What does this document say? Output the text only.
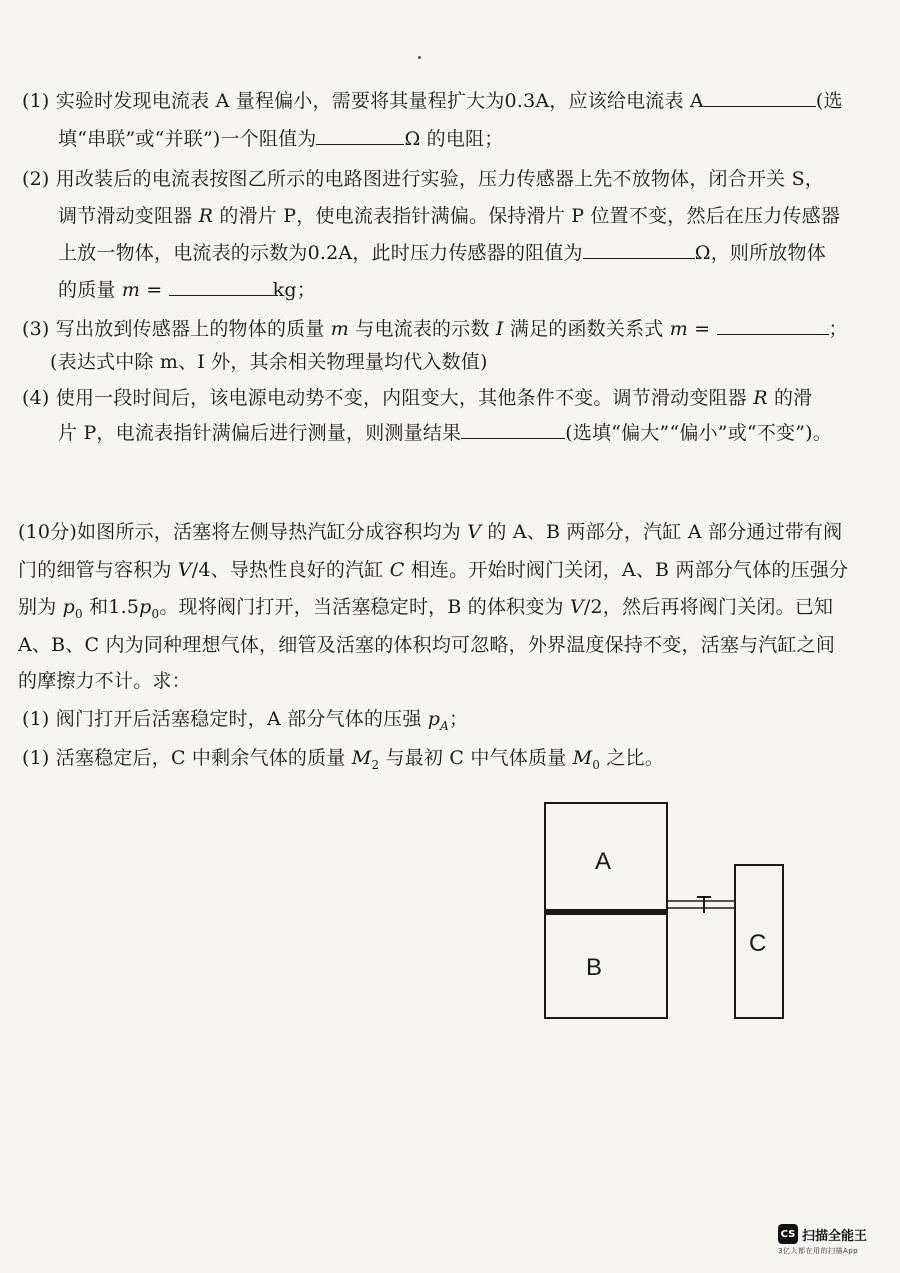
(1) 实验时发现电流表 A 量程偏小，需要将其量程扩大为0.3A，应该给电流表 A	(选
填“串联”或“并联”)一个阻值为	Ω 的电阻；
(2) 用改装后的电流表按图乙所示的电路图进行实验，压力传感器上先不放物体，闭合开关 S，
调节滑动变阻器 R 的滑片 P，使电流表指针满偏。保持滑片 P 位置不变，然后在压力传感器
上放一物体，电流表的示数为0.2A，此时压力传感器的阻值为	Ω，则所放物体
的质量 m =	kg；
(3) 写出放到传感器上的物体的质量 m 与电流表的示数 I 满足的函数关系式 m =	；
(表达式中除 m、I 外，其余相关物理量均代入数值)
(4) 使用一段时间后，该电源电动势不变，内阻变大，其他条件不变。调节滑动变阻器 R 的滑
片 P，电流表指针满偏后进行测量，则测量结果	(选填“偏大”“偏小”或“不变”)。
(10分)如图所示，活塞将左侧导热汽缸分成容积均为 V 的 A、B 两部分，汽缸 A 部分通过带有阀
门的细管与容积为 V/4、导热性良好的汽缸 C 相连。开始时阀门关闭，A、B 两部分气体的压强分
别为 $p_0$ 和$1.5p_0$。现将阀门打开，当活塞稳定时，B 的体积变为 V/2，然后再将阀门关闭。已知
A、B、C 内为同种理想气体，细管及活塞的体积均可忽略，外界温度保持不变，活塞与汽缸之间
的摩擦力不计。求：
(1) 阀门打开后活塞稳定时，A 部分气体的压强 $p_A$；
(1) 活塞稳定后，C 中剩余气体的质量 $M_2$ 与最初 C 中气体质量 $M_0$ 之比。
A
B
C
CS 扫描全能王
3亿人都在用的扫描App
